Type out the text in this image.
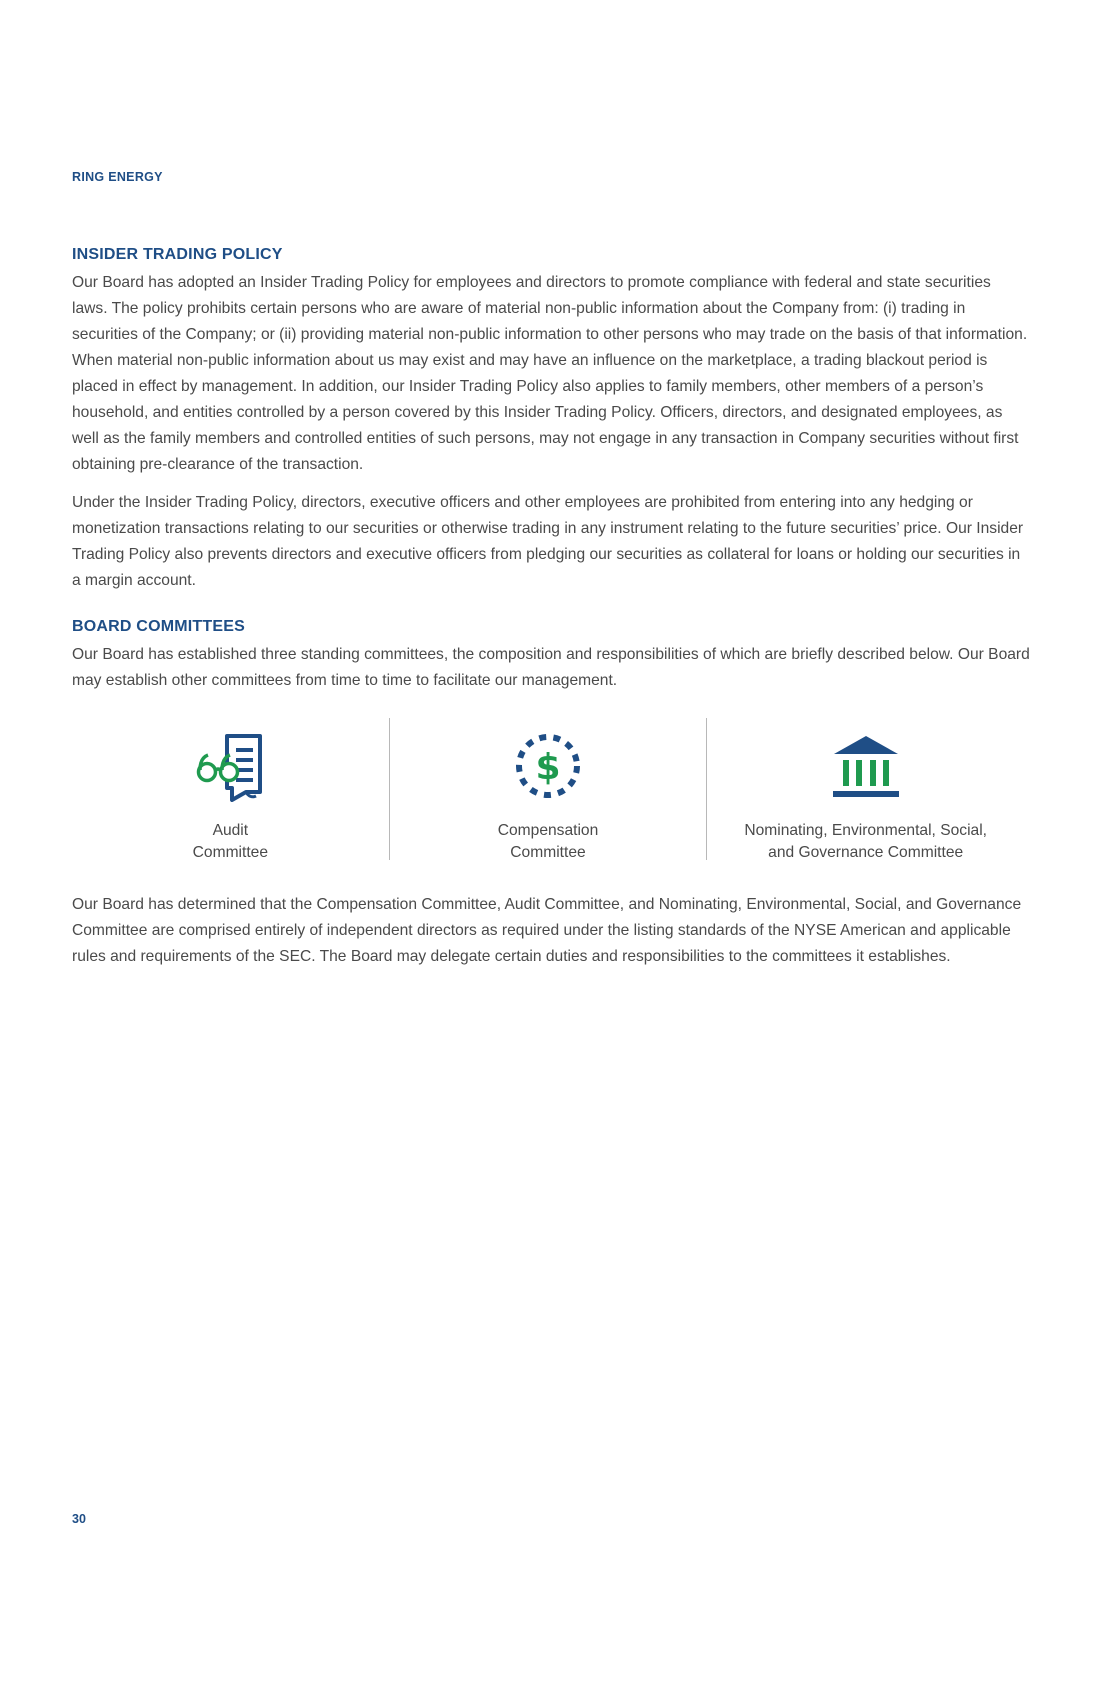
RING ENERGY
INSIDER TRADING POLICY

Our Board has adopted an Insider Trading Policy for employees and directors to promote compliance with federal and state securities laws. The policy prohibits certain persons who are aware of material non-public information about the Company from: (i) trading in securities of the Company; or (ii) providing material non-public information to other persons who may trade on the basis of that information. When material non-public information about us may exist and may have an influence on the marketplace, a trading blackout period is placed in effect by management. In addition, our Insider Trading Policy also applies to family members, other members of a person’s household, and entities controlled by a person covered by this Insider Trading Policy. Officers, directors, and designated employees, as well as the family members and controlled entities of such persons, may not engage in any transaction in Company securities without first obtaining pre-clearance of the transaction.

Under the Insider Trading Policy, directors, executive officers and other employees are prohibited from entering into any hedging or monetization transactions relating to our securities or otherwise trading in any instrument relating to the future securities’ price. Our Insider Trading Policy also prevents directors and executive officers from pledging our securities as collateral for loans or holding our securities in a margin account.

BOARD COMMITTEES

Our Board has established three standing committees, the composition and responsibilities of which are briefly described below. Our Board may establish other committees from time to time to facilitate our management.

Audit
Committee
$
Compensation
Committee
Nominating, Environmental, Social,
and Governance Committee

Our Board has determined that the Compensation Committee, Audit Committee, and Nominating, Environmental, Social, and Governance Committee are comprised entirely of independent directors as required under the listing standards of the NYSE American and applicable rules and requirements of the SEC. The Board may delegate certain duties and responsibilities to the committees it establishes.

30
